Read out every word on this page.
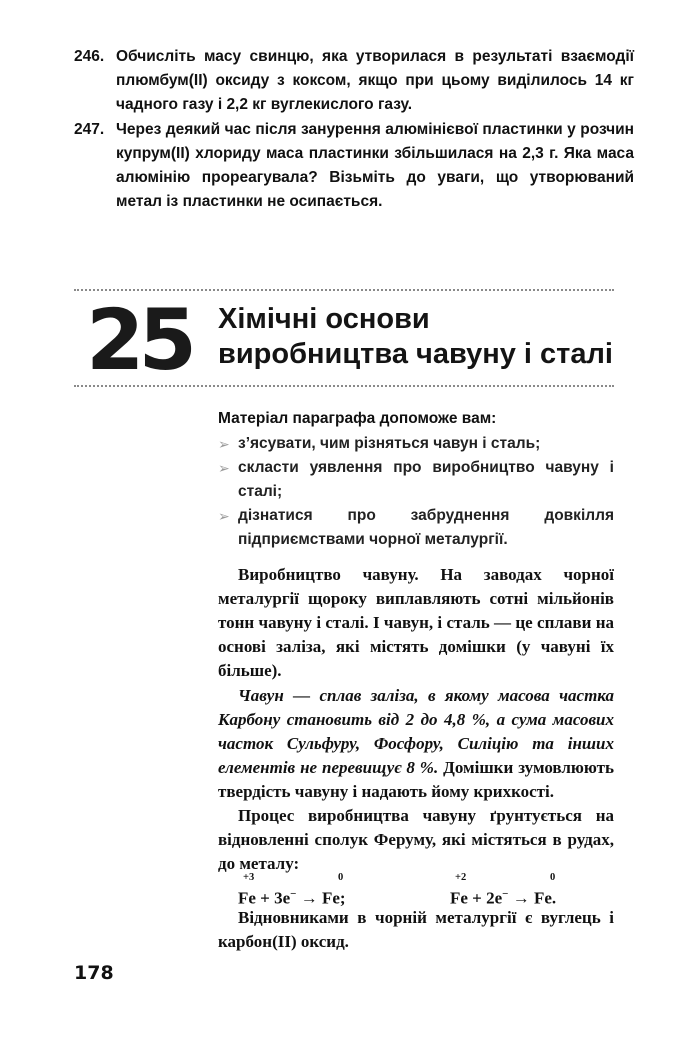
246. Обчисліть масу свинцю, яка утворилася в результаті взаємодії плюмбум(II) оксиду з коксом, якщо при цьому виділилось 14 кг чадного газу і 2,2 кг вуглекислого газу.
247. Через деякий час після занурення алюмінієвої пластинки у розчин купрум(II) хлориду маса пластинки збільшилася на 2,3 г. Яка маса алюмінію прореагувала? Візьміть до уваги, що утворюваний метал із пластинки не осипається.
25 Хімічні основи
виробництва чавуну і сталі
Матеріал параграфа допоможе вам:
➢ з’ясувати, чим різняться чавун і сталь;
➢ скласти уявлення про виробництво чавуну і сталі;
➢ дізнатися про забруднення довкілля підприємствами чорної металургії.
Виробництво чавуну. На заводах чорної металургії щороку виплавляють сотні мільйонів тонн чавуну і сталі. І чавун, і сталь — це сплави на основі заліза, які містять домішки (у чавуні їх більше).
Чавун — сплав заліза, в якому масова частка Карбону становить від 2 до 4,8 %, а сума масових часток Сульфуру, Фосфору, Силіцію та інших елементів не перевищує 8 %. Домішки зумовлюють твердість чавуну і надають йому крихкості.
Процес виробництва чавуну ґрунтується на відновленні сполук Феруму, які містяться в рудах, до металу:
+3	0
Fe + 3e− → Fe;
+2	0
Fe + 2e− → Fe.
Відновниками в чорній металургії є вуглець і карбон(II) оксид.
178
